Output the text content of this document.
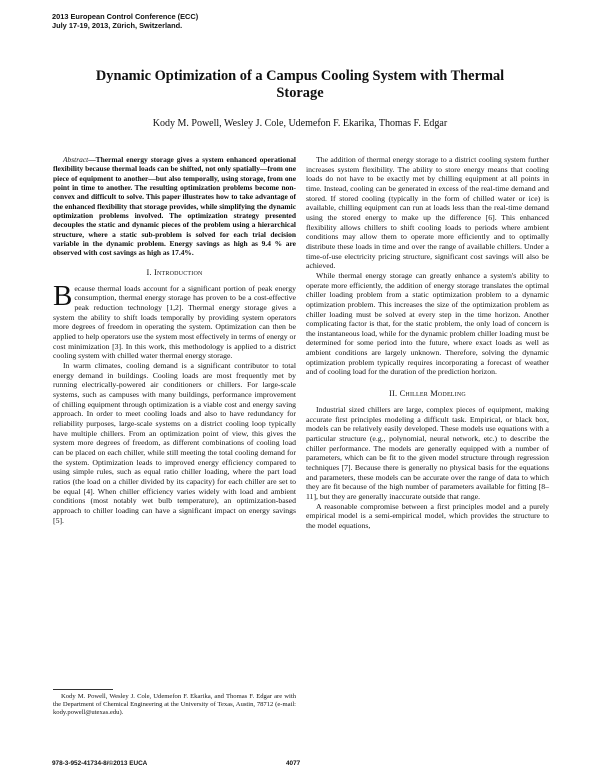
2013 European Control Conference (ECC)
July 17-19, 2013, Zürich, Switzerland.
Dynamic Optimization of a Campus Cooling System with Thermal
Storage
Kody M. Powell, Wesley J. Cole, Udemefon F. Ekarika, Thomas F. Edgar

Abstract—Thermal energy storage gives a system enhanced operational flexibility because thermal loads can be shifted, not only spatially—from one piece of equipment to another—but also temporally, using storage, from one point in time to another. The resulting optimization problems become non-convex and difficult to solve. This paper illustrates how to take advantage of the enhanced flexibility that storage provides, while simplifying the dynamic optimization problems involved. The optimization strategy presented decouples the static and dynamic pieces of the problem using a hierarchical structure, where a static sub-problem is solved for each trial decision variable in the dynamic problem. Energy savings as high as 9.4 % are observed with cost savings as high as 17.4%.

I. Introduction

Because thermal loads account for a significant portion of peak energy consumption, thermal energy storage has proven to be a cost-effective peak reduction technology [1,2]. Thermal energy storage gives a system the ability to shift loads temporally by providing system operators more degrees of freedom in operating the system. Optimization can then be applied to help operators use the system most effectively in terms of energy or cost minimization [3]. In this work, this methodology is applied to a district cooling system with chilled water thermal energy storage.

In warm climates, cooling demand is a significant contributor to total energy demand in buildings. Cooling loads are most frequently met by running electrically-powered air conditioners or chillers. For large-scale systems, such as campuses with many buildings, performance improvement of chilling equipment through optimization is a viable cost and energy saving approach. In order to meet cooling loads and also to have redundancy for reliability purposes, large-scale systems on a district cooling loop typically have multiple chillers. From an optimization point of view, this gives the system more degrees of freedom, as different combinations of cooling load can be placed on each chiller, while still meeting the total cooling demand for the system. Optimization leads to improved energy efficiency compared to using simple rules, such as equal ratio chiller loading, where the part load ratios (the load on a chiller divided by its capacity) for each chiller are set to be equal [4]. When chiller efficiency varies widely with load and ambient conditions (most notably wet bulb temperature), an optimization-based approach to chiller loading can have a significant impact on energy savings [5].

The addition of thermal energy storage to a district cooling system further increases system flexibility. The ability to store energy means that cooling loads do not have to be exactly met by chilling equipment at all points in time. Instead, cooling can be generated in excess of the real-time demand and stored. If stored cooling (typically in the form of chilled water or ice) is available, chilling equipment can run at loads less than the real-time demand using the stored energy to make up the difference [6]. This enhanced flexibility allows chillers to shift cooling loads to periods where ambient conditions may allow them to operate more efficiently and to optimally distribute these loads in time and over the range of available chillers. Under a time-of-use electricity pricing structure, significant cost savings will also be achieved.

While thermal energy storage can greatly enhance a system's ability to operate more efficiently, the addition of energy storage translates the optimal chiller loading problem from a static optimization problem to a dynamic optimization problem. This increases the size of the optimization problem as chiller loading must be solved at every step in the time horizon. Another complicating factor is that, for the static problem, the only load of concern is the instantaneous load, while for the dynamic problem chiller loading must be determined for some period into the future, where exact loads as well as ambient conditions are largely unknown. Therefore, solving the dynamic optimization problem typically requires incorporating a forecast of weather and of cooling load for the duration of the prediction horizon.

II. Chiller Modeling

Industrial sized chillers are large, complex pieces of equipment, making accurate first principles modeling a difficult task. Empirical, or black box, models can be relatively easily developed. These models use equations with a particular structure (e.g., polynomial, neural network, etc.) to describe the chiller performance. The models are generally equipped with a number of parameters, which can be fit to the given model structure through regression techniques [7]. Because there is generally no physical basis for the equations and parameters, these models can be accurate over the range of data to which they are fit because of the high number of parameters available for fitting [8–11], but they are generally inaccurate outside that range.

A reasonable compromise between a first principles model and a purely empirical model is a semi-empirical model, which provides the structure to the model equations,

Kody M. Powell, Wesley J. Cole, Udemefon F. Ekarika, and Thomas F. Edgar are with the Department of Chemical Engineering at the University of Texas, Austin, 78712 (e-mail: kody.powell@utexas.edu).
978-3-952-41734-8/©2013 EUCA	4077
